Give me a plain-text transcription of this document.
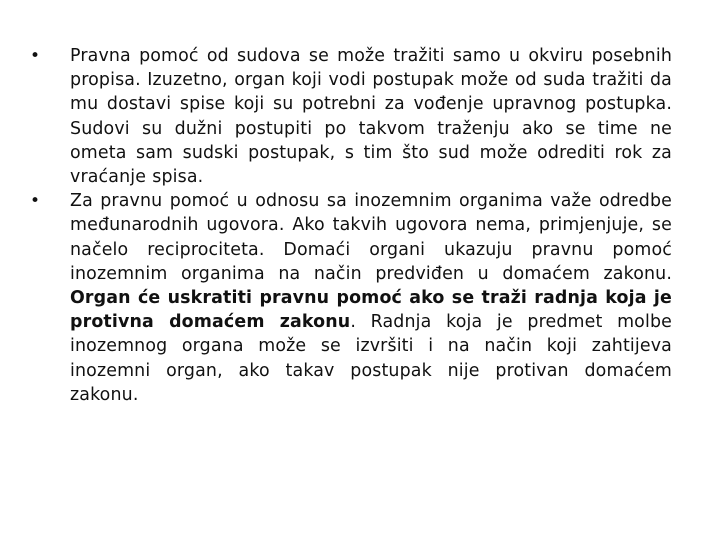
• Pravna pomoć od sudova se može tražiti samo u okviru posebnih propisa. Izuzetno, organ koji vodi postupak može od suda tražiti da mu dostavi spise koji su potrebni za vođenje upravnog postupka. Sudovi su dužni postupiti po takvom traženju ako se time ne ometa sam sudski postupak, s tim što sud može odrediti rok za vraćanje spisa.
• Za pravnu pomoć u odnosu sa inozemnim organima važe odredbe međunarodnih ugovora. Ako takvih ugovora nema, primjenjuje, se načelo reciprociteta. Domaći organi ukazuju pravnu pomoć inozemnim organima na način predviđen u domaćem zakonu. Organ će uskratiti pravnu pomoć ako se traži radnja koja je protivna domaćem zakonu. Radnja koja je predmet molbe inozemnog organa može se izvršiti i na način koji zahtijeva inozemni organ, ako takav postupak nije protivan domaćem zakonu.
